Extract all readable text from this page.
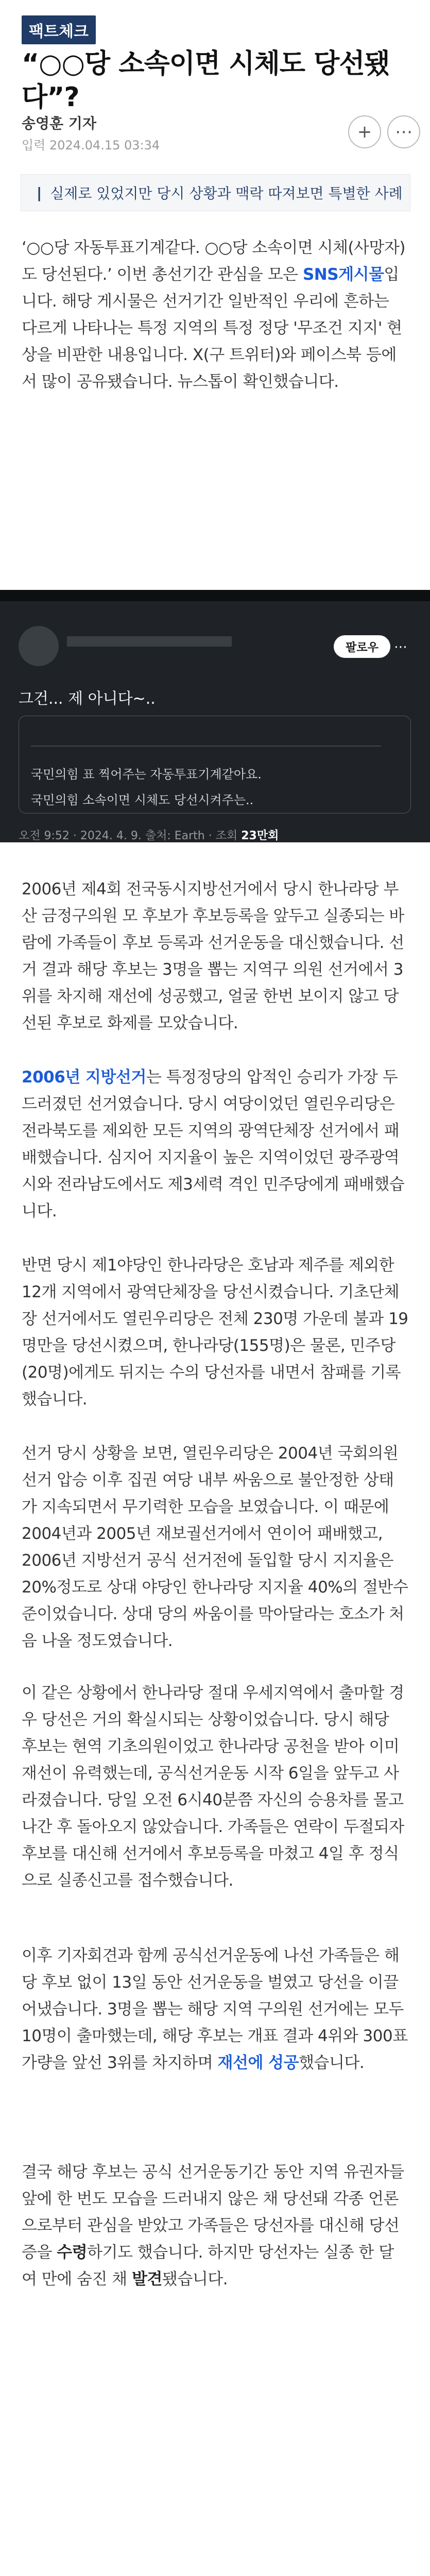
팩트체크
“○○당 소속이면 시체도 당선됐다”?
송영훈 기자
입력 2024.04.15 03:34
+	⋯
| 실제로 있었지만 당시 상황과 맥락 따져보면 특별한 사례
‘○○당 자동투표기계같다. ○○당 소속이면 시체(사망자)도 당선된다.’ 이번 총선기간 관심을 모은 SNS게시물입니다. 해당 게시물은 선거기간 일반적인 우리에 흔하는 다르게 나타나는 특정 지역의 특정 정당 '무조건 지지' 현상을 비판한 내용입니다. X(구 트위터)와 페이스북 등에서 많이 공유됐습니다. 뉴스톱이 확인했습니다.
팔로우	⋯
그건... 제 아니다~..
국민의힘 표 찍어주는 자동투표기계같아요.
국민의힘 소속이면 시체도 당선시켜주는..
오전 9:52 · 2024. 4. 9. 출처: Earth · 조회 23만회
2006년 제4회 전국동시지방선거에서 당시 한나라당 부산 금정구의원 모 후보가 후보등록을 앞두고 실종되는 바람에 가족들이 후보 등록과 선거운동을 대신했습니다. 선거 결과 해당 후보는 3명을 뽑는 지역구 의원 선거에서 3위를 차지해 재선에 성공했고, 얼굴 한번 보이지 않고 당선된 후보로 화제를 모았습니다.
2006년 지방선거는 특정정당의 압적인 승리가 가장 두드러졌던 선거였습니다. 당시 여당이었던 열린우리당은 전라북도를 제외한 모든 지역의 광역단체장 선거에서 패배했습니다. 심지어 지지율이 높은 지역이었던 광주광역시와 전라남도에서도 제3세력 격인 민주당에게 패배했습니다.
반면 당시 제1야당인 한나라당은 호남과 제주를 제외한 12개 지역에서 광역단체장을 당선시켰습니다. 기초단체장 선거에서도 열린우리당은 전체 230명 가운데 불과 19명만을 당선시켰으며, 한나라당(155명)은 물론, 민주당(20명)에게도 뒤지는 수의 당선자를 내면서 참패를 기록했습니다.
선거 당시 상황을 보면, 열린우리당은 2004년 국회의원 선거 압승 이후 집권 여당 내부 싸움으로 불안정한 상태가 지속되면서 무기력한 모습을 보였습니다. 이 때문에 2004년과 2005년 재보궐선거에서 연이어 패배했고, 2006년 지방선거 공식 선거전에 돌입할 당시 지지율은 20%정도로 상대 야당인 한나라당 지지율 40%의 절반수준이었습니다. 상대 당의 싸움이를 막아달라는 호소가 처음 나올 정도였습니다.
이 같은 상황에서 한나라당 절대 우세지역에서 출마할 경우 당선은 거의 확실시되는 상황이었습니다. 당시 해당 후보는 현역 기초의원이었고 한나라당 공천을 받아 이미 재선이 유력했는데, 공식선거운동 시작 6일을 앞두고 사라졌습니다. 당일 오전 6시40분쯤 자신의 승용차를 몰고 나간 후 돌아오지 않았습니다. 가족들은 연락이 두절되자 후보를 대신해 선거에서 후보등록을 마쳤고 4일 후 정식으로 실종신고를 접수했습니다.
이후 기자회견과 함께 공식선거운동에 나선 가족들은 해당 후보 없이 13일 동안 선거운동을 벌였고 당선을 이끌어냈습니다. 3명을 뽑는 해당 지역 구의원 선거에는 모두 10명이 출마했는데, 해당 후보는 개표 결과 4위와 300표 가량을 앞선 3위를 차지하며 재선에 성공했습니다.
결국 해당 후보는 공식 선거운동기간 동안 지역 유권자들 앞에 한 번도 모습을 드러내지 않은 채 당선돼 각종 언론으로부터 관심을 받았고 가족들은 당선자를 대신해 당선증을 수령하기도 했습니다. 하지만 당선자는 실종 한 달여 만에 숨진 채 발견됐습니다.
